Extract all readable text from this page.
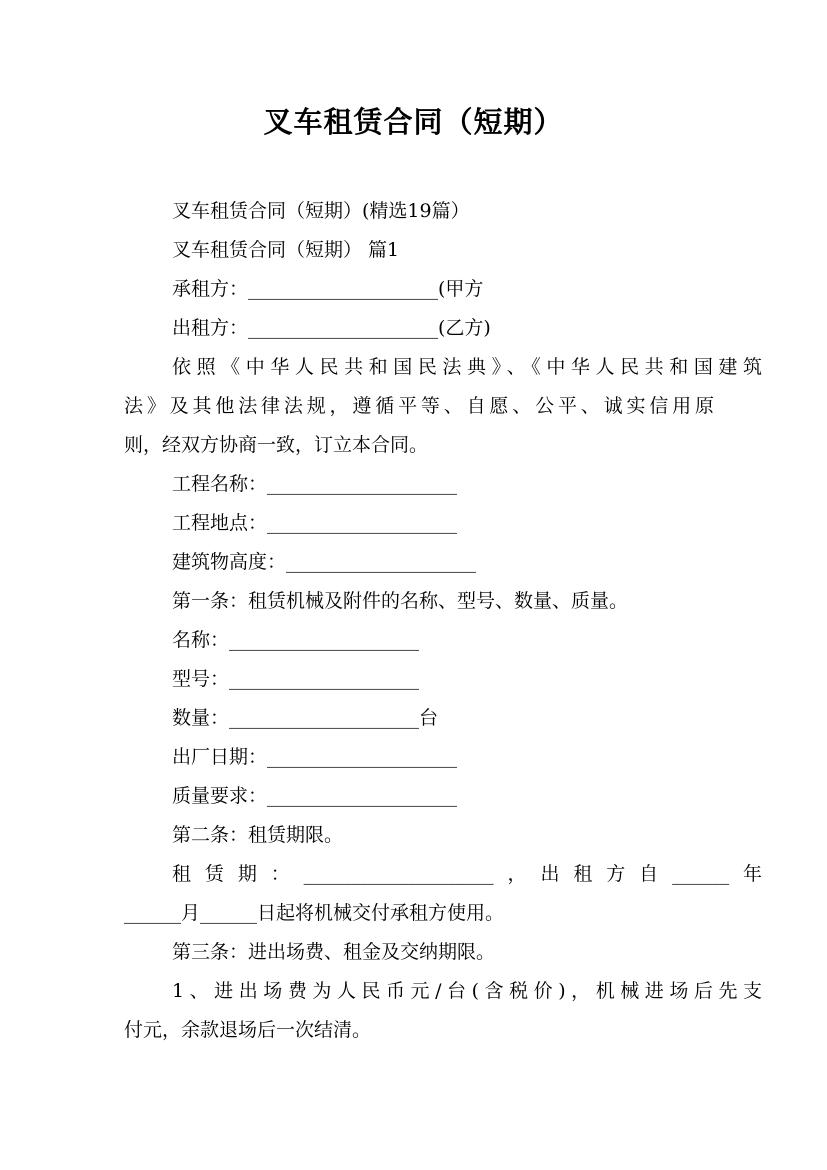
叉车租赁合同（短期）
叉车租赁合同（短期）(精选19篇）
叉车租赁合同（短期） 篇1
承租方：____________________(甲方
出租方：____________________(乙方)
依照《中华人民共和国民法典》、《中华人民共和国建筑
法》及其他法律法规，遵循平等、自愿、公平、诚实信用原
则，经双方协商一致，订立本合同。
工程名称：____________________
工程地点：____________________
建筑物高度：____________________
第一条：租赁机械及附件的名称、型号、数量、质量。
名称：____________________
型号：____________________
数量：____________________台
出厂日期：____________________
质量要求：____________________
第二条：租赁期限。
租赁期：____________________，出租方自______年
______月______日起将机械交付承租方使用。
第三条：进出场费、租金及交纳期限。
1、进出场费为人民币元/台(含税价)，机械进场后先支
付元，余款退场后一次结清。
